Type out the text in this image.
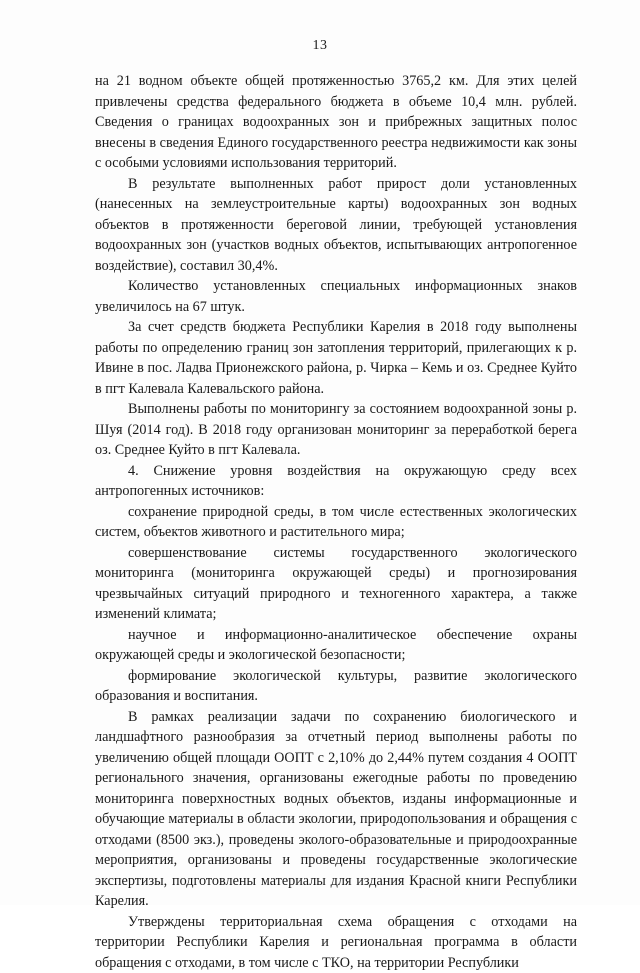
13

на 21 водном объекте общей протяженностью 3765,2 км. Для этих целей привлечены средства федерального бюджета в объеме 10,4 млн. рублей. Сведения о границах водоохранных зон и прибрежных защитных полос внесены в сведения Единого государственного реестра недвижимости как зоны с особыми условиями использования территорий.

В результате выполненных работ прирост доли установленных (нанесенных на землеустроительные карты) водоохранных зон водных объектов в протяженности береговой линии, требующей установления водоохранных зон (участков водных объектов, испытывающих антропогенное воздействие), составил 30,4%.

Количество установленных специальных информационных знаков увеличилось на 67 штук.

За счет средств бюджета Республики Карелия в 2018 году выполнены работы по определению границ зон затопления территорий, прилегающих к р. Ивине в пос. Ладва Прионежского района, р. Чирка – Кемь и оз. Среднее Куйто в пгт Калевала Калевальского района.

Выполнены работы по мониторингу за состоянием водоохранной зоны р. Шуя (2014 год). В 2018 году организован мониторинг за переработкой берега оз. Среднее Куйто в пгт Калевала.

4. Снижение уровня воздействия на окружающую среду всех антропогенных источников:

сохранение природной среды, в том числе естественных экологических систем, объектов животного и растительного мира;

совершенствование системы государственного экологического мониторинга (мониторинга окружающей среды) и прогнозирования чрезвычайных ситуаций природного и техногенного характера, а также изменений климата;

научное и информационно-аналитическое обеспечение охраны окружающей среды и экологической безопасности;

формирование экологической культуры, развитие экологического образования и воспитания.

В рамках реализации задачи по сохранению биологического и ландшафтного разнообразия за отчетный период выполнены работы по увеличению общей площади ООПТ с 2,10% до 2,44% путем создания 4 ООПТ регионального значения, организованы ежегодные работы по проведению мониторинга поверхностных водных объектов, изданы информационные и обучающие материалы в области экологии, природопользования и обращения с отходами (8500 экз.), проведены эколого-образовательные и природоохранные мероприятия, организованы и проведены государственные экологические экспертизы, подготовлены материалы для издания Красной книги Республики Карелия.

Утверждены территориальная схема обращения с отходами на территории Республики Карелия и региональная программа в области обращения с отходами, в том числе с ТКО, на территории Республики
